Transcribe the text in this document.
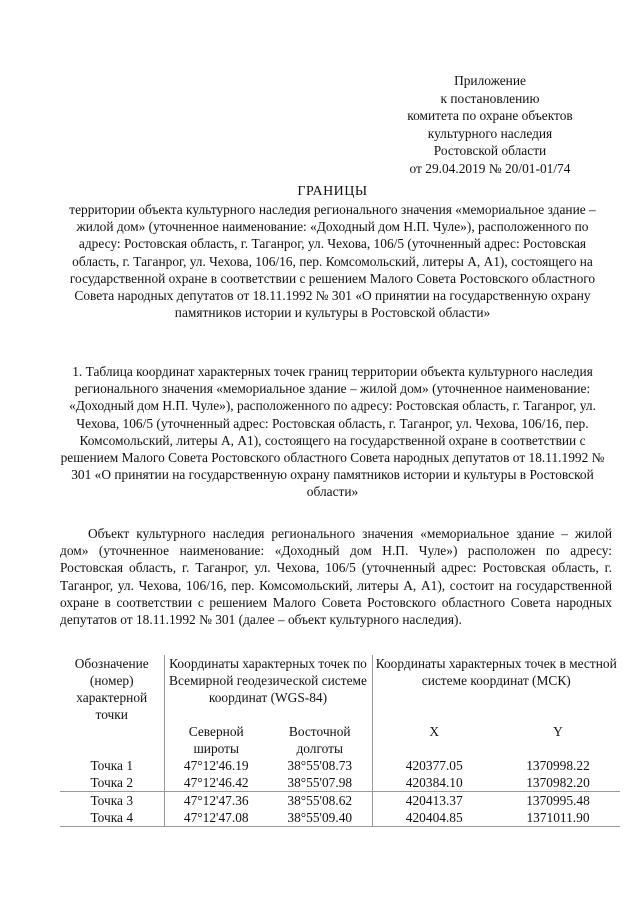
Приложение
к постановлению
комитета по охране объектов
культурного наследия
Ростовской области
от 29.04.2019 № 20/01-01/74
ГРАНИЦЫ
территории объекта культурного наследия регионального значения «мемориальное здание – жилой дом» (уточненное наименование: «Доходный дом Н.П. Чуле»), расположенного по адресу: Ростовская область, г. Таганрог, ул. Чехова, 106/5 (уточненный адрес: Ростовская область, г. Таганрог, ул. Чехова, 106/16, пер. Комсомольский, литеры А, А1), состоящего на государственной охране в соответствии с решением Малого Совета Ростовского областного Совета народных депутатов от 18.11.1992 № 301 «О принятии на государственную охрану памятников истории и культуры в Ростовской области»
1. Таблица координат характерных точек границ территории объекта культурного наследия регионального значения «мемориальное здание – жилой дом» (уточненное наименование: «Доходный дом Н.П. Чуле»), расположенного по адресу: Ростовская область, г. Таганрог, ул. Чехова, 106/5 (уточненный адрес: Ростовская область, г. Таганрог, ул. Чехова, 106/16, пер. Комсомольский, литеры А, А1), состоящего на государственной охране в соответствии с решением Малого Совета Ростовского областного Совета народных депутатов от 18.11.1992 № 301 «О принятии на государственную охрану памятников истории и культуры в Ростовской области»
Объект культурного наследия регионального значения «мемориальное здание – жилой дом» (уточненное наименование: «Доходный дом Н.П. Чуле») расположен по адресу: Ростовская область, г. Таганрог, ул. Чехова, 106/5 (уточненный адрес: Ростовская область, г. Таганрог, ул. Чехова, 106/16, пер. Комсомольский, литеры А, А1), состоит на государственной охране в соответствии с решением Малого Совета Ростовского областного Совета народных депутатов от 18.11.1992 № 301 (далее – объект культурного наследия).
Обозначение (номер) характерной точки	Координаты характерных точек по Всемирной геодезической системе координат (WGS-84)		Координаты характерных точек в местной системе координат (МСК)	
	Северной широты	Восточной долготы	X	Y
Точка 1	47°12'46.19	38°55'08.73	420377.05	1370998.22
Точка 2	47°12'46.42	38°55'07.98	420384.10	1370982.20
Точка 3	47°12'47.36	38°55'08.62	420413.37	1370995.48
Точка 4	47°12'47.08	38°55'09.40	420404.85	1371011.90
